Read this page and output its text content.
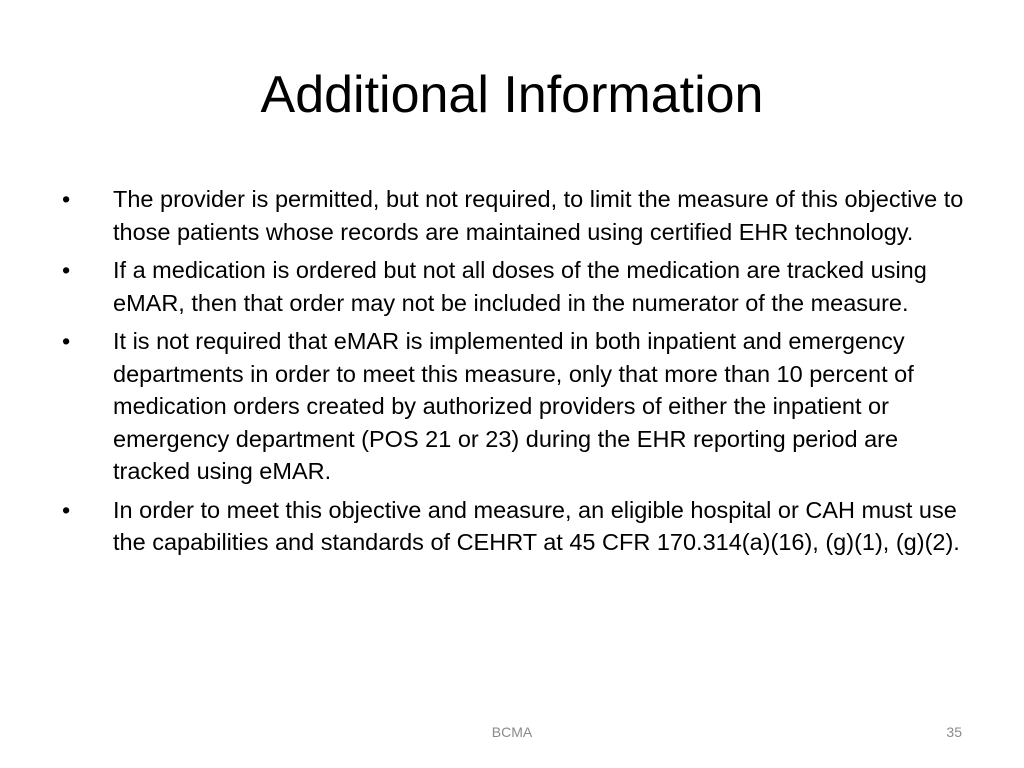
Additional Information
• The provider is permitted, but not required, to limit the measure of this objective to those patients whose records are maintained using certified EHR technology.
• If a medication is ordered but not all doses of the medication are tracked using eMAR, then that order may not be included in the numerator of the measure.
• It is not required that eMAR is implemented in both inpatient and emergency departments in order to meet this measure, only that more than 10 percent of medication orders created by authorized providers of either the inpatient or emergency department (POS 21 or 23) during the EHR reporting period are tracked using eMAR.
• In order to meet this objective and measure, an eligible hospital or CAH must use the capabilities and standards of CEHRT at 45 CFR 170.314(a)(16), (g)(1), (g)(2).
BCMA	35
